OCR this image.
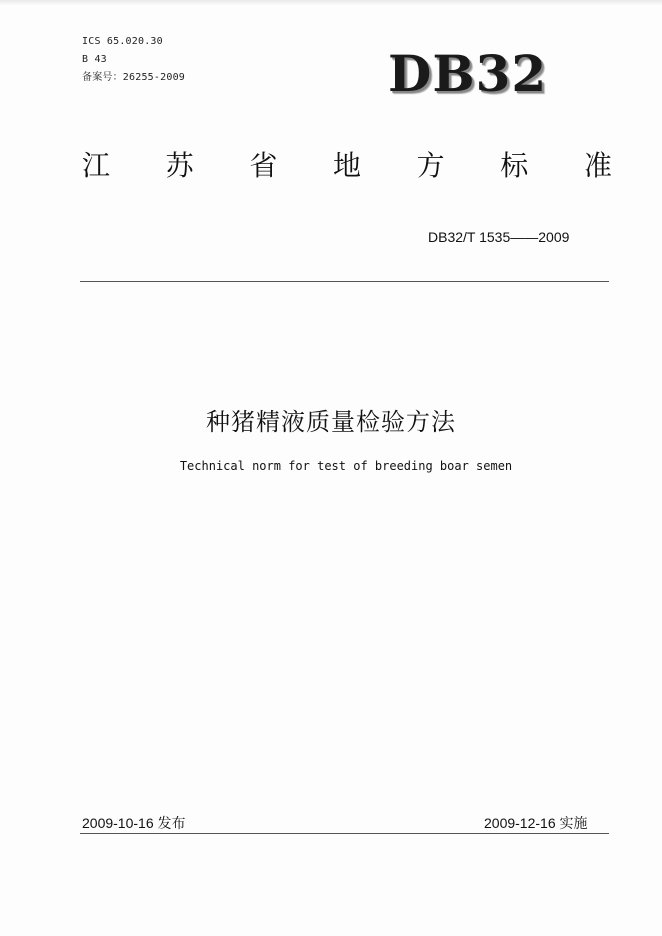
ICS 65.020.30
B 43
备案号：26255-2009	DB32
江 苏 省 地 方 标 准
DB32/T 1535——2009
种猪精液质量检验方法
Technical norm for test of breeding boar semen
2009-10-16 发布	2009-12-16 实施
